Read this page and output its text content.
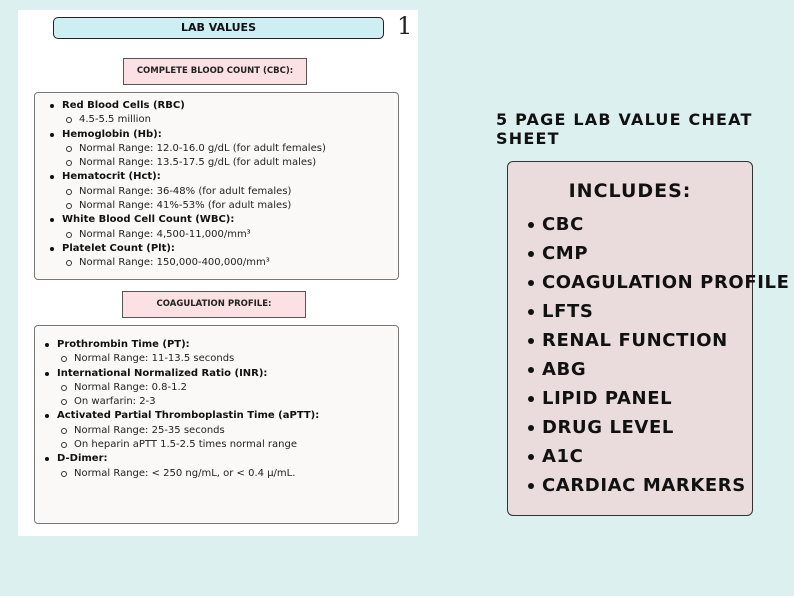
LAB VALUES	1
COMPLETE BLOOD COUNT (CBC):
Red Blood Cells (RBC)
4.5-5.5 million
Hemoglobin (Hb):
Normal Range: 12.0-16.0 g/dL (for adult females)
Normal Range: 13.5-17.5 g/dL (for adult males)
Hematocrit (Hct):
Normal Range: 36-48% (for adult females)
Normal Range: 41%-53% (for adult males)
White Blood Cell Count (WBC):
Normal Range: 4,500-11,000/mm³
Platelet Count (Plt):
Normal Range: 150,000-400,000/mm³
COAGULATION PROFILE:
Prothrombin Time (PT):
Normal Range: 11-13.5 seconds
International Normalized Ratio (INR):
Normal Range: 0.8-1.2
On warfarin: 2-3
Activated Partial Thromboplastin Time (aPTT):
Normal Range: 25-35 seconds
On heparin aPTT 1.5-2.5 times normal range
D-Dimer:
Normal Range: < 250 ng/mL, or < 0.4 µ/mL.
5 PAGE LAB VALUE CHEAT SHEET
INCLUDES:
CBC
CMP
COAGULATION PROFILE
LFTS
RENAL FUNCTION
ABG
LIPID PANEL
DRUG LEVEL
A1C
CARDIAC MARKERS
